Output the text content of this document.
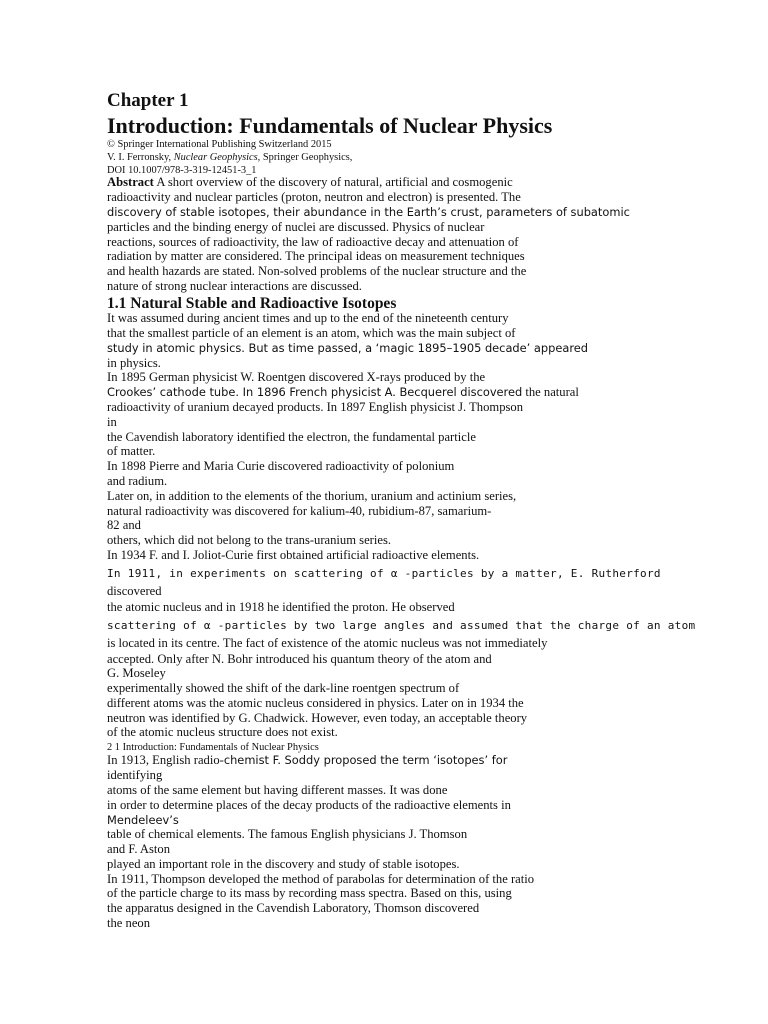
Chapter 1
Introduction: Fundamentals of Nuclear Physics
© Springer International Publishing Switzerland 2015
V. I. Ferronsky, Nuclear Geophysics, Springer Geophysics,
DOI 10.1007/978-3-319-12451-3_1
Abstract A short overview of the discovery of natural, artificial and cosmogenic
radioactivity and nuclear particles (proton, neutron and electron) is presented. The
discovery of stable isotopes, their abundance in the Earth’s crust, parameters of subatomic
particles and the binding energy of nuclei are discussed. Physics of nuclear
reactions, sources of radioactivity, the law of radioactive decay and attenuation of
radiation by matter are considered. The principal ideas on measurement techniques
and health hazards are stated. Non-solved problems of the nuclear structure and the
nature of strong nuclear interactions are discussed.
1.1 Natural Stable and Radioactive Isotopes
It was assumed during ancient times and up to the end of the nineteenth century
that the smallest particle of an element is an atom, which was the main subject of
study in atomic physics. But as time passed, a ‘magic 1895–1905 decade’ appeared
in physics.
In 1895 German physicist W. Roentgen discovered X-rays produced by the
Crookes’ cathode tube. In 1896 French physicist A. Becquerel discovered the natural
radioactivity of uranium decayed products. In 1897 English physicist J. Thompson
in
the Cavendish laboratory identified the electron, the fundamental particle
of matter.
In 1898 Pierre and Maria Curie discovered radioactivity of polonium
and radium.
Later on, in addition to the elements of the thorium, uranium and actinium series,
natural radioactivity was discovered for kalium-40, rubidium-87, samarium-
82 and
others, which did not belong to the trans-uranium series.
In 1934 F. and I. Joliot-Curie first obtained artificial radioactive elements.
In 1911, in experiments on scattering of α -particles by a matter, E. Rutherford
discovered
the atomic nucleus and in 1918 he identified the proton. He observed
scattering of α -particles by two large angles and assumed that the charge of an atom
is located in its centre. The fact of existence of the atomic nucleus was not immediately
accepted. Only after N. Bohr introduced his quantum theory of the atom and
G. Moseley
experimentally showed the shift of the dark-line roentgen spectrum of
different atoms was the atomic nucleus considered in physics. Later on in 1934 the
neutron was identified by G. Chadwick. However, even today, an acceptable theory
of the atomic nucleus structure does not exist.
2 1 Introduction: Fundamentals of Nuclear Physics
In 1913, English radio-chemist F. Soddy proposed the term ‘isotopes’ for
identifying
atoms of the same element but having different masses. It was done
in order to determine places of the decay products of the radioactive elements in
Mendeleev’s
table of chemical elements. The famous English physicians J. Thomson
and F. Aston
played an important role in the discovery and study of stable isotopes.
In 1911, Thompson developed the method of parabolas for determination of the ratio
of the particle charge to its mass by recording mass spectra. Based on this, using
the apparatus designed in the Cavendish Laboratory, Thomson discovered
the neon
